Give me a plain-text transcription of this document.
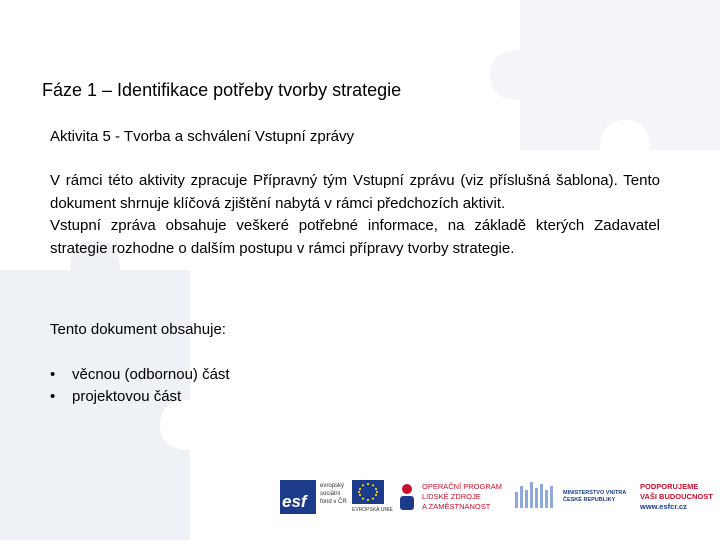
Fáze 1 – Identifikace potřeby tvorby strategie
Aktivita 5 - Tvorba a schválení Vstupní zprávy

V rámci této aktivity zpracuje Přípravný tým Vstupní zprávu (viz příslušná šablona). Tento dokument shrnuje klíčová zjištění nabytá v rámci předchozích aktivit.

Vstupní zpráva obsahuje veškeré potřebné informace, na základě kterých Zadavatel strategie rozhodne o dalším postupu v rámci přípravy tvorby strategie.

Tento dokument obsahuje:
•	věcnou (odbornou) část
•	projektovou část
esf
evropský sociální fond v ČR
EVROPSKÁ UNIE
OPERAČNÍ PROGRAM
LIDSKÉ ZDROJE
A ZAMĚSTNANOST
MINISTERSTVO VNITRA
ČESKÉ REPUBLIKY
PODPORUJEME
VAŠI BUDOUCNOST
www.esfcr.cz
